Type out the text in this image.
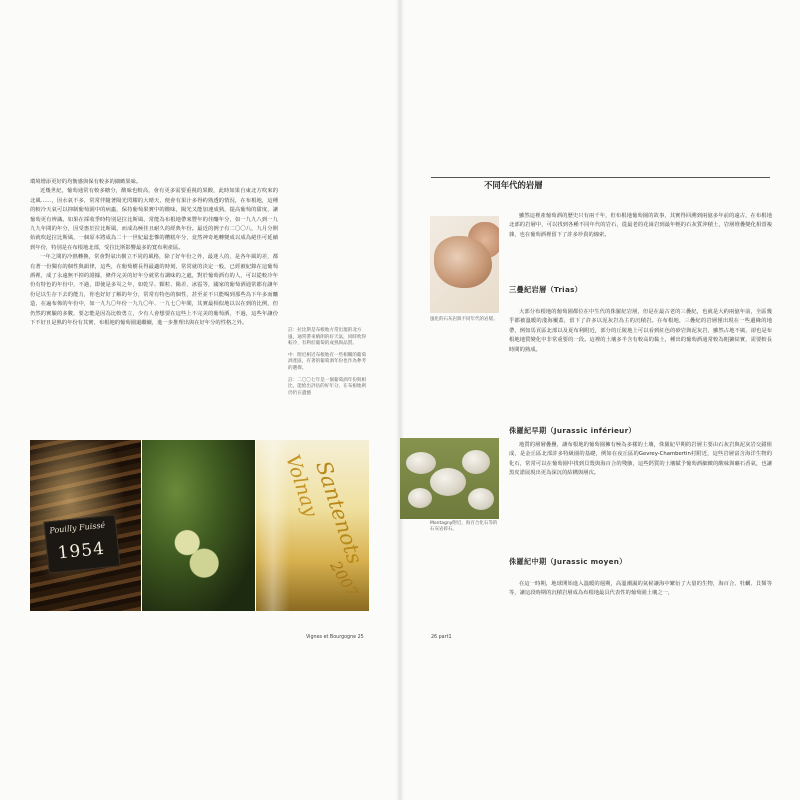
環境增添更好的均衡感與保有較多的細緻果味。

近幾世紀，葡萄通常有較多糖分，酸味也較高，會有更多需要重視的果酸，此時如果自東北方吹來的北風……，因水氣不多，常常伴隨著陽光閃耀的大晴天，便會有果汁多得約熟透的情況，在布根地，這種的較冷天氣可以抑制葡萄園中的病蟲，保持葡萄果實中的酸味，陽光又能加速成熟，提高葡萄的甜度，讓葡萄更有辨識。如果在採收季時特別是拉比斯風，常能為布根地帶來豐年的佳釀年分，如一九九八到一九九九年間的年分，因受惠於拉比斯風，而成為極佳且耐久的經典年份。最近的例子有二〇〇八，九月分開始就吹起拉比斯風，一個原本將成為二十一世紀最悲慘的糟糕年分，竟然神奇地轉變成以成為絕佳可延續到年份，特別是在布根地北部，受拉比斯影響最多的寬布利產區。

一年之間的冷熱轉換，常會對氣出樹立不同的風格，除了好年份之外，最迷人的，是各年風的差，都有著一份獨有的個性與韻律，這些，在葡萄樹長得最適的時刻，常常就的決定一般，已經被紀錄在這葡萄酒裡，成了永遠無不掉的證據，條件完美的好年分就常有調味的之處，對於葡萄酒有的人，可以從較冷年份有特色的年份中，不過，即使是多災之年，如乾旱、顆粒、陽差、冰雹等，國家的葡萄酒通常都有讓年份足以生存下去的能力，你也好好了解的年分，常常有特色的個性，甚至並不只能喝到那些為下年多而釀造，在遍布佈的年份中，如一九九〇年份一九九〇年、一九七〇年間，其實最相似地以以在到的比例，但仍然的實驗的多數，要怎能是因為比較勇立，少有人會想要在這些上不完美的葡萄酒，不過，這些年讓份下不好且是熟的年份有其實，布根地的葡萄園還繼續，進一步推理出與在好年分的性格之外。

註：拉比斯是布根地方常出現的北方風，通常帶來晴朗的好天氣，同時吹得較冷，有利於葡萄的成熟與品質。

中：附近相近布根地有一些相關的葡萄酒產區，有著的葡萄酒年份也作為參考的選擇。

註：二〇〇七年是一個葡萄酒年份與相比，能給出評估的好年分，在布根地則仍仍在遺憾

Pouilly Fuissé
1954
Volnay
Santenots
2007
Vignes et Bourgogne 25
不同年代的岩層

雖然這裡產葡萄酒的歷史只有兩千年，但布根地葡萄園的故事，其實得回溯到兩億多年前的遠古，在布根地北部的岩層中，可以找到各種不同年代的岩石，從最老的花崗岩到最年輕的石灰質沖積土，岩層堆疊變化相當複雜，也在葡萄酒裡留下了許多珍貴的線索。

風化的石灰岩與不同年代的岩層。
三疊紀岩層（Trias）

大部分布根地的葡萄園都位在中生代的侏羅紀岩層，但是在最古老的三疊紀，也就是大約兩億年前，全區幾乎都被溫暖的淺海覆蓋，留下了許多以泥灰岩為主的沉積岩。在布根地，三疊紀的岩層僅出現在一些邊緣的地帶，例如馬貢區北部以及夏布利附近，部分的丘陵地上可以看到紅色的砂岩與泥灰岩，雖然占地不廣，卻也是布根地地質變化中非常重要的一段。這裡的土壤多半含有較高的黏土，種出的葡萄酒通常較為粗獷結實，需要較長時間的熟成。

侏羅紀早期（Jurassic inférieur）
Montagny附近，海百合化石等的石灰岩碎石。

地質的層層疊疊，讓布根地的葡萄園擁有極為多樣的土壤，侏羅紀早期的岩層主要由石灰岩與泥灰岩交錯組成，是金丘區北部許多特級園的基礎，例如在夜丘區的Gevrey-Chambertin村附近，這些岩層富含海洋生物的化石，常常可以在葡萄園中找到貝殼與海百合的殘骸，這些鈣質的土壤賦予葡萄酒細緻的酸味與礦石香氣，也讓黑皮諾展現出更為深沉的結構與層次。

侏羅紀中期（Jurassic moyen）

在這一時期，地球開始進入溫暖的週期，高溫潮濕的氣候讓海中繁衍了大量的生物，海百合、牡蠣、貝類等等，讓這段時期的沉積岩層成為布根地最具代表性的葡萄園土壤之一，

26 part1
